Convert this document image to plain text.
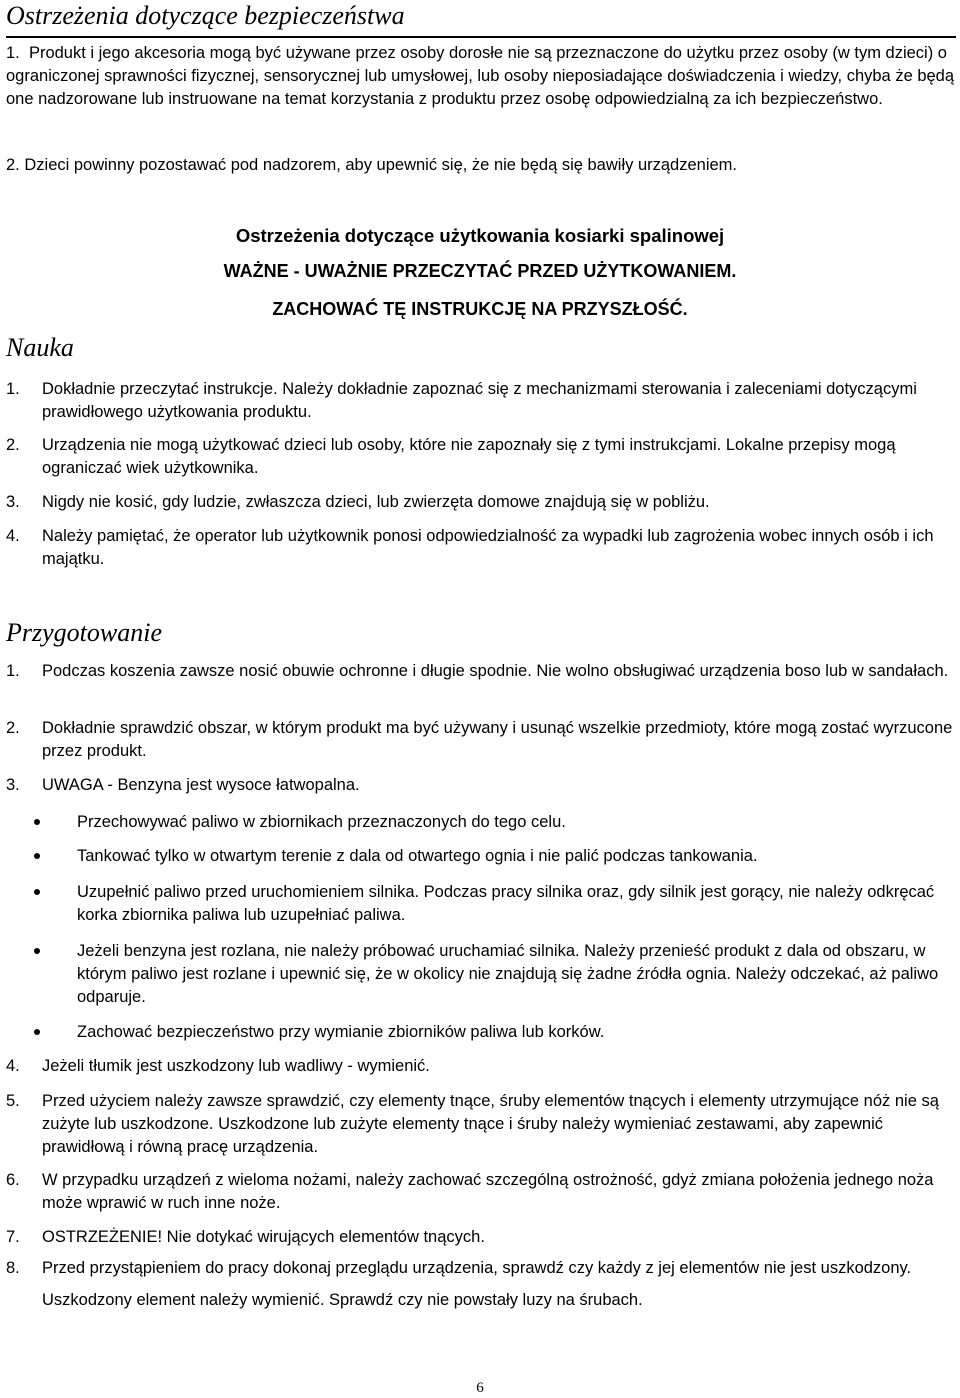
Ostrzeżenia dotyczące bezpieczeństwa
1. Produkt i jego akcesoria mogą być używane przez osoby dorosłe nie są przeznaczone do użytku przez osoby (w tym dzieci) o ograniczonej sprawności fizycznej, sensorycznej lub umysłowej, lub osoby nieposiadające doświadczenia i wiedzy, chyba że będą one nadzorowane lub instruowane na temat korzystania z produktu przez osobę odpowiedzialną za ich bezpieczeństwo.
2. Dzieci powinny pozostawać pod nadzorem, aby upewnić się, że nie będą się bawiły urządzeniem.
Ostrzeżenia dotyczące użytkowania kosiarki spalinowej
WAŻNE - UWAŻNIE PRZECZYTAĆ PRZED UŻYTKOWANIEM.
ZACHOWAĆ TĘ INSTRUKCJĘ NA PRZYSZŁOŚĆ.
Nauka
1. Dokładnie przeczytać instrukcje. Należy dokładnie zapoznać się z mechanizmami sterowania i zaleceniami dotyczącymi prawidłowego użytkowania produktu.
2. Urządzenia nie mogą użytkować dzieci lub osoby, które nie zapoznały się z tymi instrukcjami. Lokalne przepisy mogą ograniczać wiek użytkownika.
3. Nigdy nie kosić, gdy ludzie, zwłaszcza dzieci, lub zwierzęta domowe znajdują się w pobliżu.
4. Należy pamiętać, że operator lub użytkownik ponosi odpowiedzialność za wypadki lub zagrożenia wobec innych osób i ich majątku.
Przygotowanie
1. Podczas koszenia zawsze nosić obuwie ochronne i długie spodnie. Nie wolno obsługiwać urządzenia boso lub w sandałach.
2. Dokładnie sprawdzić obszar, w którym produkt ma być używany i usunąć wszelkie przedmioty, które mogą zostać wyrzucone przez produkt.
3. UWAGA - Benzyna jest wysoce łatwopalna.
Przechowywać paliwo w zbiornikach przeznaczonych do tego celu.
Tankować tylko w otwartym terenie z dala od otwartego ognia i nie palić podczas tankowania.
Uzupełnić paliwo przed uruchomieniem silnika. Podczas pracy silnika oraz, gdy silnik jest gorący, nie należy odkręcać korka zbiornika paliwa lub uzupełniać paliwa.
Jeżeli benzyna jest rozlana, nie należy próbować uruchamiać silnika. Należy przenieść produkt z dala od obszaru, w którym paliwo jest rozlane i upewnić się, że w okolicy nie znajdują się żadne źródła ognia. Należy odczekać, aż paliwo odparuje.
Zachować bezpieczeństwo przy wymianie zbiorników paliwa lub korków.
4. Jeżeli tłumik jest uszkodzony lub wadliwy - wymienić.
5. Przed użyciem należy zawsze sprawdzić, czy elementy tnące, śruby elementów tnących i elementy utrzymujące nóż nie są zużyte lub uszkodzone. Uszkodzone lub zużyte elementy tnące i śruby należy wymieniać zestawami, aby zapewnić prawidłową i równą pracę urządzenia.
6. W przypadku urządzeń z wieloma nożami, należy zachować szczególną ostrożność, gdyż zmiana położenia jednego noża może wprawić w ruch inne noże.
7. OSTRZEŻENIE! Nie dotykać wirujących elementów tnących.
8. Przed przystąpieniem do pracy dokonaj przeglądu urządzenia, sprawdź czy każdy z jej elementów nie jest uszkodzony. Uszkodzony element należy wymienić. Sprawdź czy nie powstały luzy na śrubach.
6
